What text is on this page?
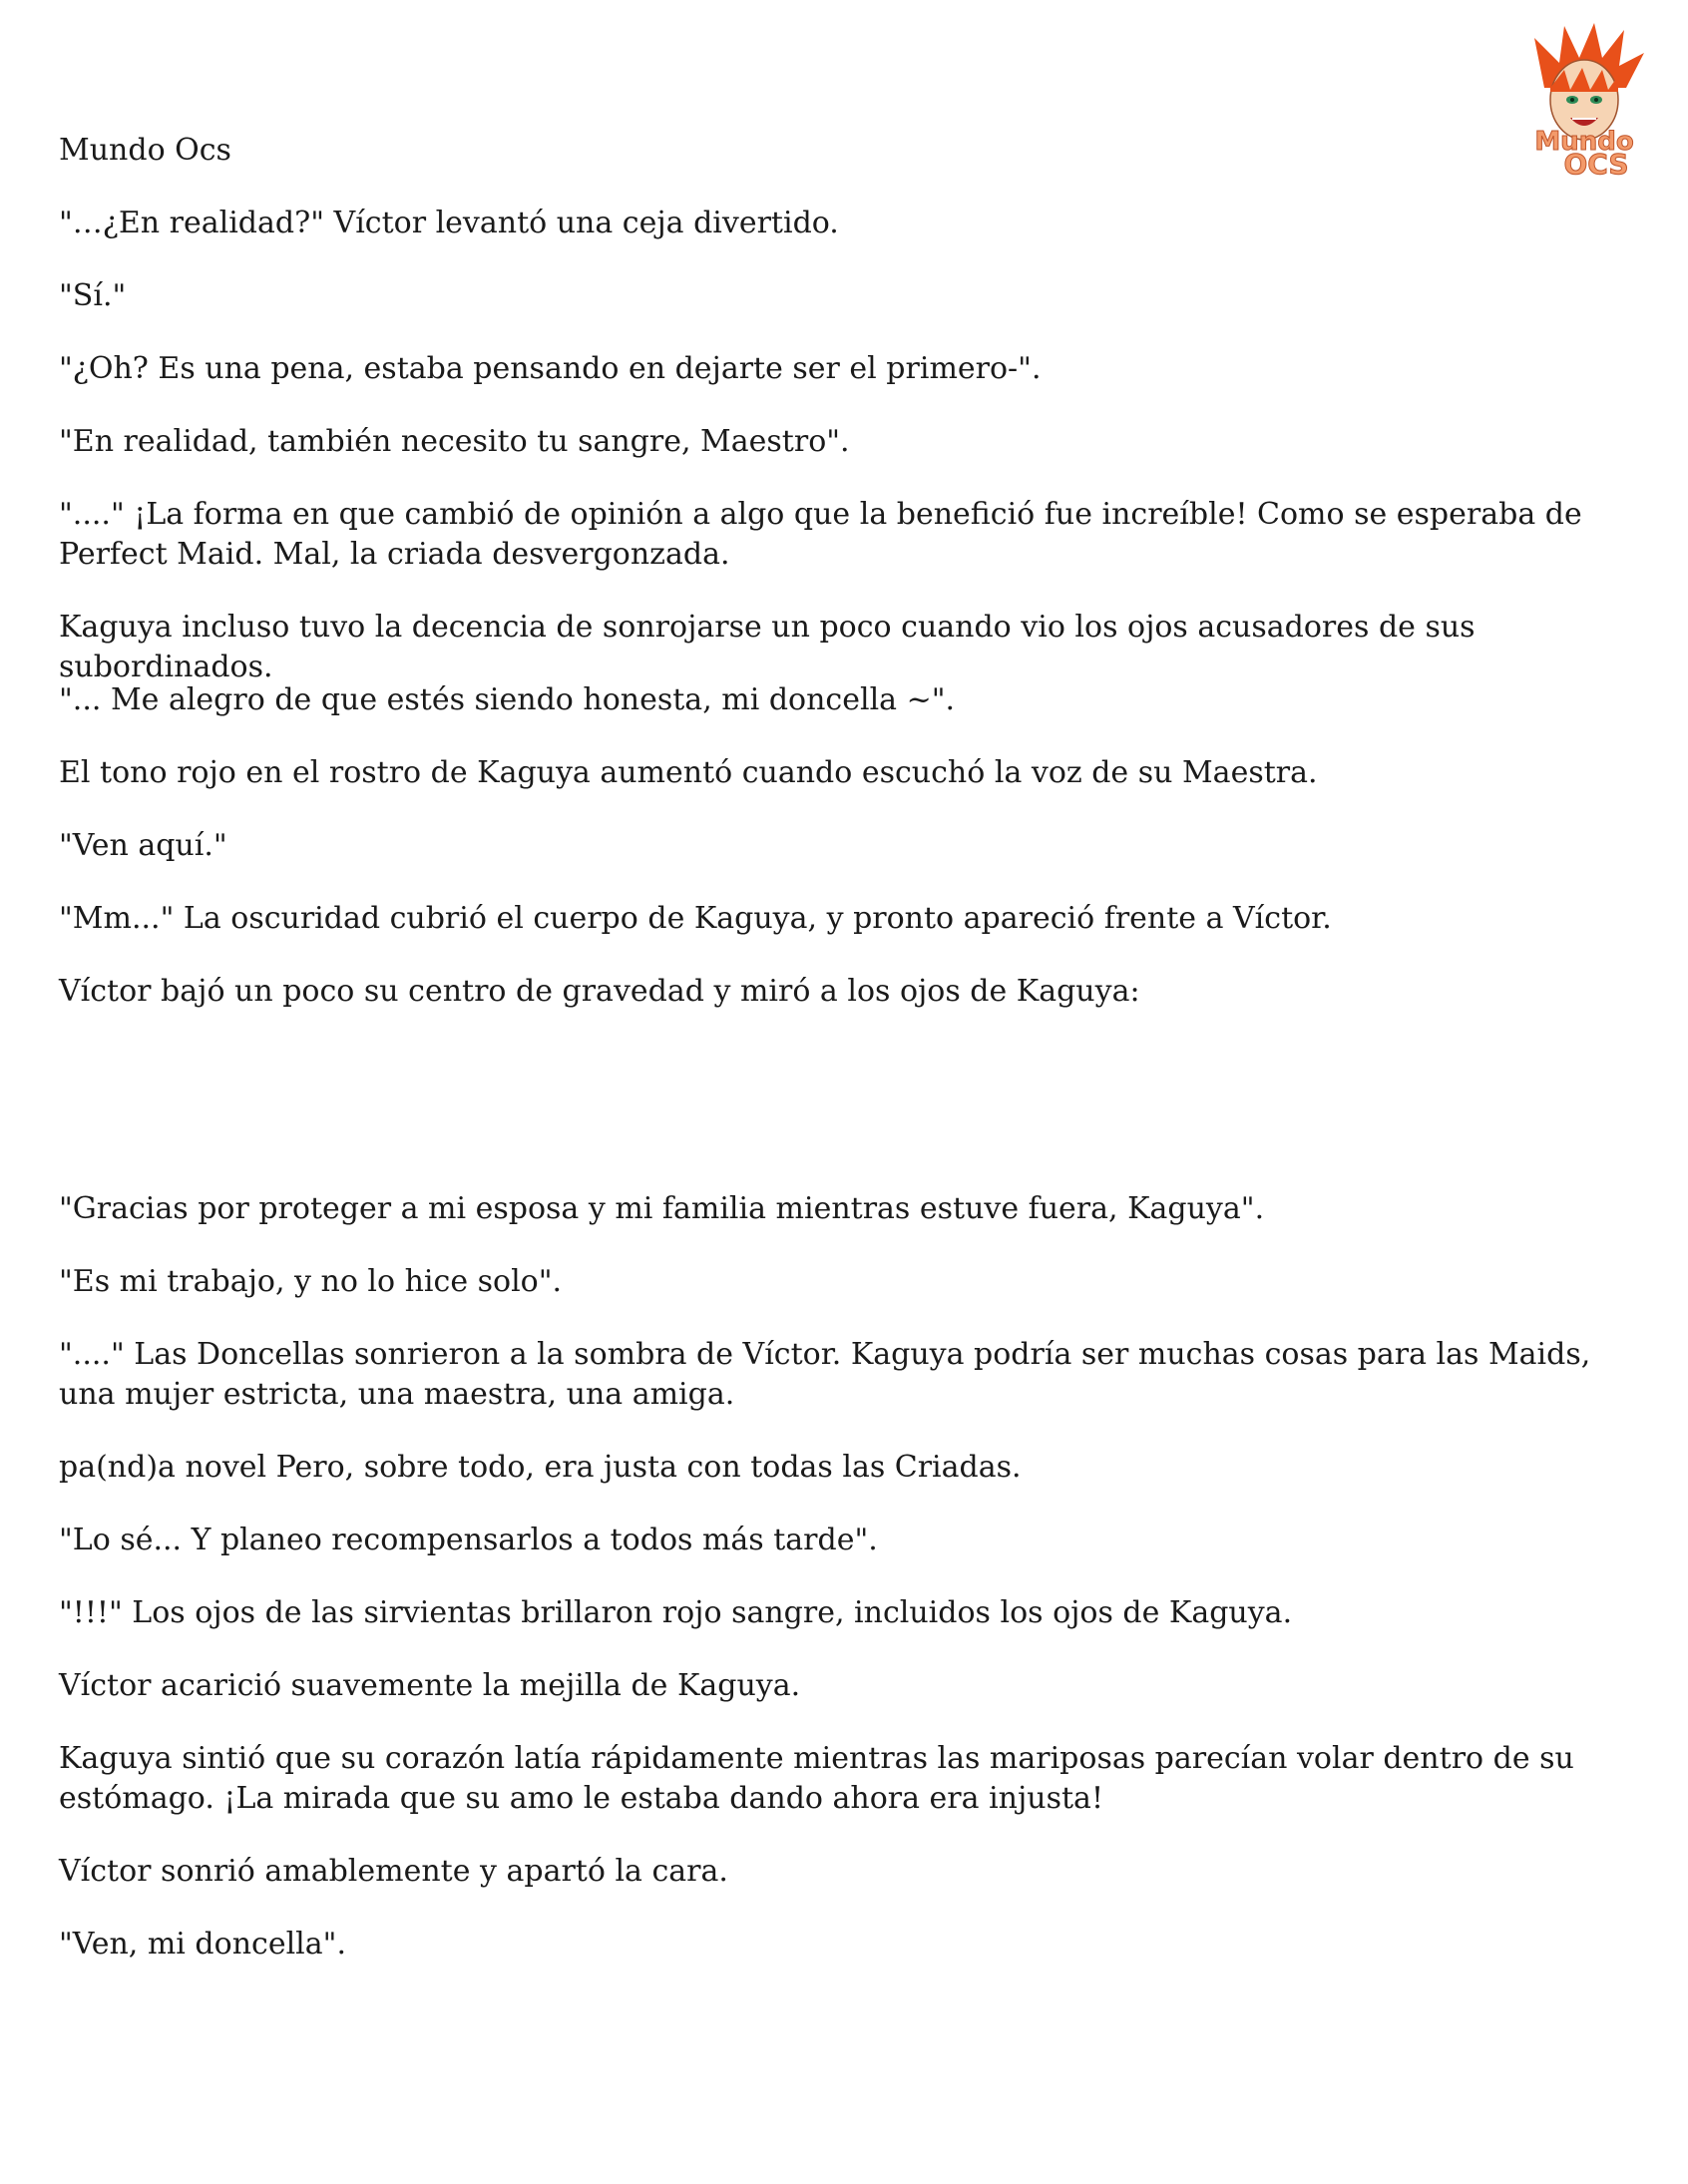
Mundo
OCS

Mundo Ocs

"…¿En realidad?" Víctor levantó una ceja divertido.

"Sí."

"¿Oh? Es una pena, estaba pensando en dejarte ser el primero-".

"En realidad, también necesito tu sangre, Maestro".

"...." ¡La forma en que cambió de opinión a algo que la benefició fue increíble! Como se esperaba de Perfect Maid. Mal, la criada desvergonzada.

Kaguya incluso tuvo la decencia de sonrojarse un poco cuando vio los ojos acusadores de sus subordinados.

"... Me alegro de que estés siendo honesta, mi doncella ~".

El tono rojo en el rostro de Kaguya aumentó cuando escuchó la voz de su Maestra.

"Ven aquí."

"Mm..." La oscuridad cubrió el cuerpo de Kaguya, y pronto apareció frente a Víctor.

Víctor bajó un poco su centro de gravedad y miró a los ojos de Kaguya:

"Gracias por proteger a mi esposa y mi familia mientras estuve fuera, Kaguya".

"Es mi trabajo, y no lo hice solo".

"...." Las Doncellas sonrieron a la sombra de Víctor. Kaguya podría ser muchas cosas para las Maids, una mujer estricta, una maestra, una amiga.

pa(nd)a novel Pero, sobre todo, era justa con todas las Criadas.

"Lo sé... Y planeo recompensarlos a todos más tarde".

"!!!" Los ojos de las sirvientas brillaron rojo sangre, incluidos los ojos de Kaguya.

Víctor acarició suavemente la mejilla de Kaguya.

Kaguya sintió que su corazón latía rápidamente mientras las mariposas parecían volar dentro de su estómago. ¡La mirada que su amo le estaba dando ahora era injusta!

Víctor sonrió amablemente y apartó la cara.

"Ven, mi doncella".
